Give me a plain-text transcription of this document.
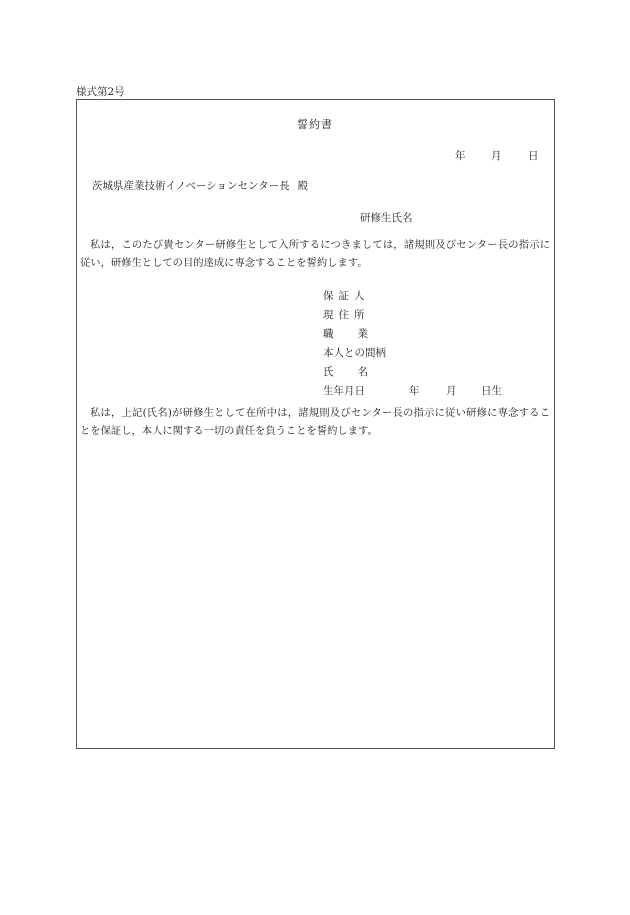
様式第2号
誓約書
年 月	日
茨城県産業技術イノベーションセンター長 殿
研修生氏名
私は，このたび貴センター研修生として入所するにつきましては，諸規則及びセンター長の指示に従い，研修生としての目的達成に専念することを誓約します。
保証人
現住所
職業
本人との間柄
氏名
生年月日	年	月 日生
私は，上記(氏名)が研修生として在所中は，諸規則及びセンター長の指示に従い研修に専念することを保証し，本人に関する一切の責任を負うことを誓約します。
